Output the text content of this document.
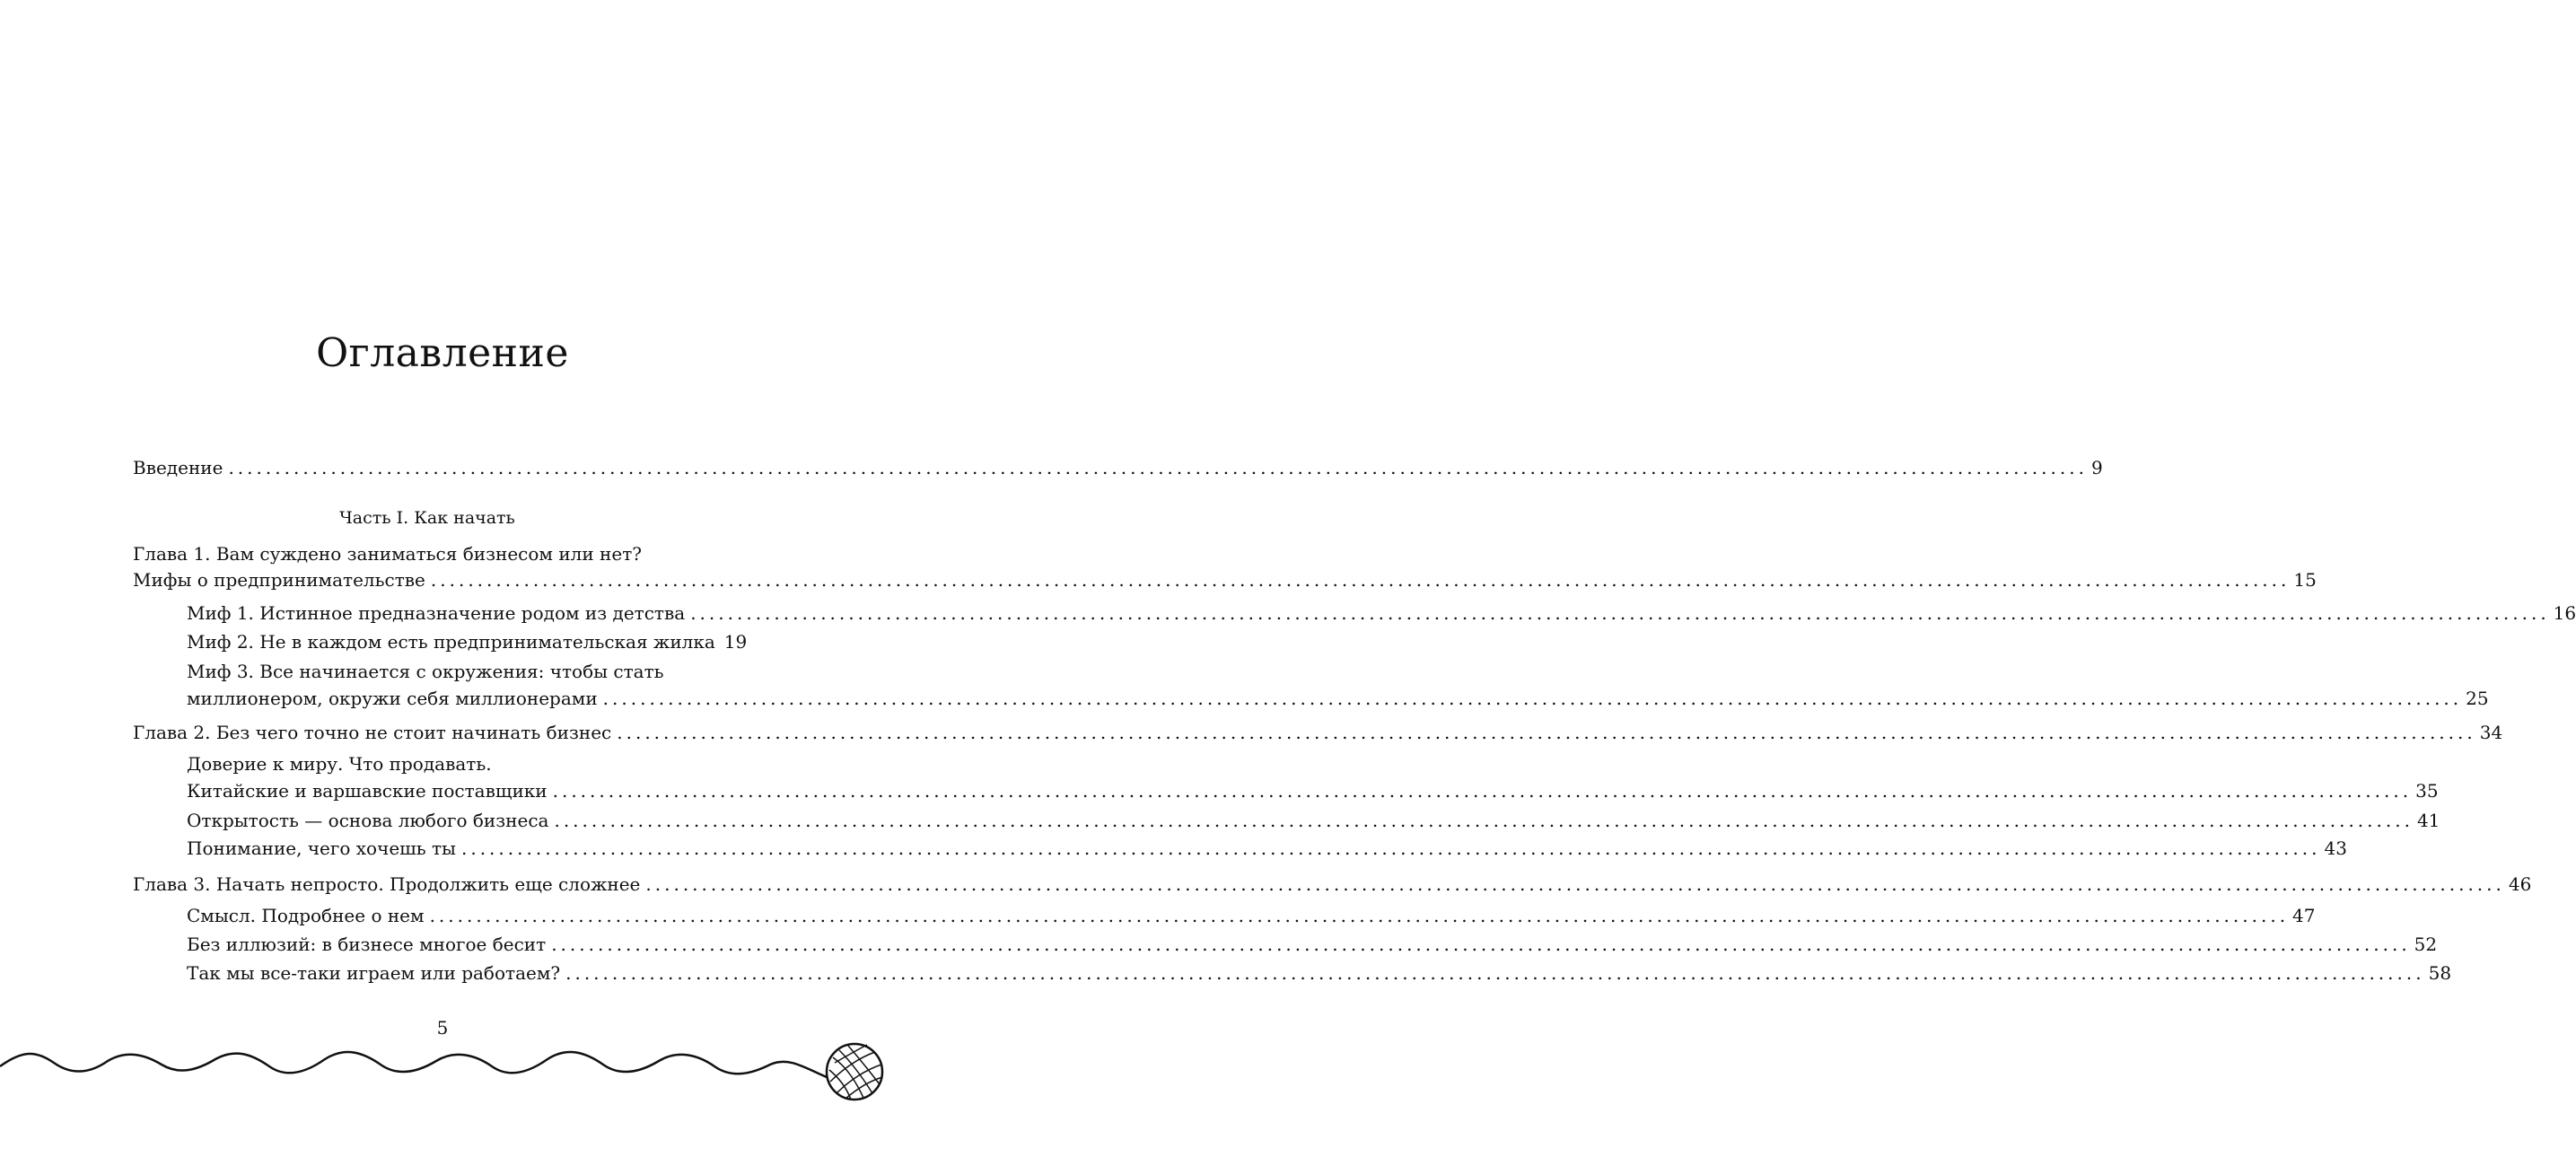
Оглавление
Введение ........................................................................................................................................................................................................ 9
Часть I. Как начать
Глава 1. Вам суждено заниматься бизнесом или нет?
Мифы о предпринимательстве ........................................................................................................................................................................................................ 15
Миф 1. Истинное предназначение родом из детства ........................................................................................................................................................................................................ 16
Миф 2. Не в каждом есть предпринимательская жилка 19
Миф 3. Все начинается с окружения: чтобы стать
миллионером, окружи себя миллионерами ........................................................................................................................................................................................................ 25
Глава 2. Без чего точно не стоит начинать бизнес ........................................................................................................................................................................................................ 34
Доверие к миру. Что продавать.
Китайские и варшавские поставщики ........................................................................................................................................................................................................ 35
Открытость — основа любого бизнеса ........................................................................................................................................................................................................ 41
Понимание, чего хочешь ты ........................................................................................................................................................................................................ 43
Глава 3. Начать непросто. Продолжить еще сложнее ........................................................................................................................................................................................................ 46
Смысл. Подробнее о нем ........................................................................................................................................................................................................ 47
Без иллюзий: в бизнесе многое бесит ........................................................................................................................................................................................................ 52
Так мы все-таки играем или работаем? ........................................................................................................................................................................................................ 58
5
